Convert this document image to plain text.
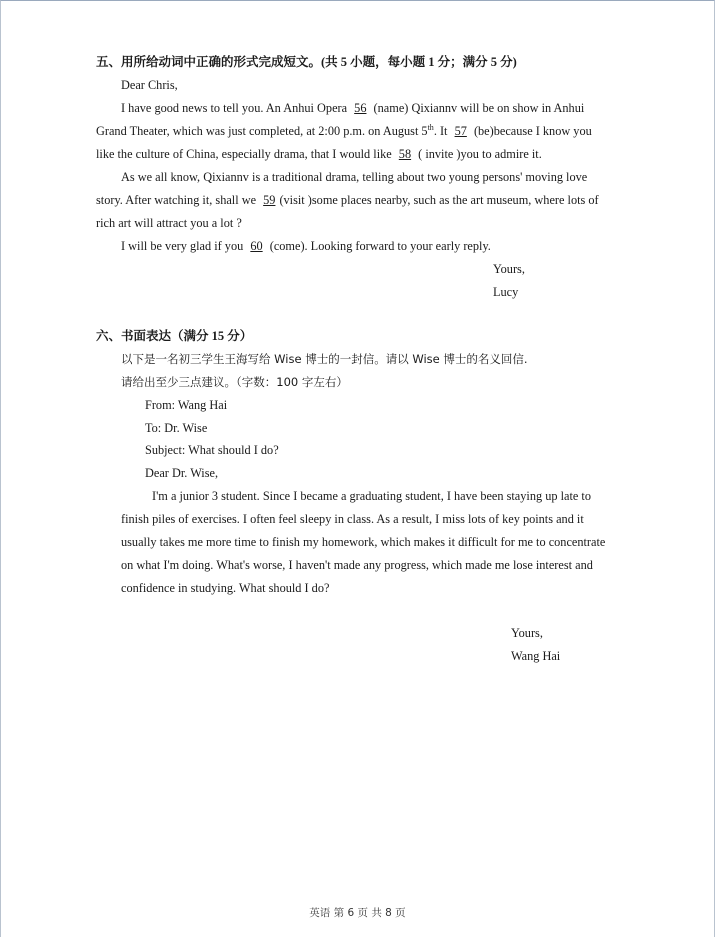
五、用所给动词中正确的形式完成短文。(共 5 小题，每小题 1 分；满分 5 分)
Dear Chris,
I have good news to tell you. An Anhui Opera 56 (name) Qixiannv will be on show in Anhui
Grand Theater, which was just completed, at 2:00 p.m. on August 5th. It 57 (be)because I know you
like the culture of China, especially drama, that I would like 58 ( invite )you to admire it.
As we all know, Qixiannv is a traditional drama, telling about two young persons' moving love
story. After watching it, shall we 59 (visit )some places nearby, such as the art museum, where lots of
rich art will attract you a lot ?
I will be very glad if you 60 (come). Looking forward to your early reply.
Yours,
Lucy
六、书面表达（满分 15 分）
以下是一名初三学生王海写给 Wise 博士的一封信。请以 Wise 博士的名义回信.
请给出至少三点建议。（字数：100 字左右）
From: Wang Hai
To: Dr. Wise
Subject: What should I do?
Dear Dr. Wise,
I'm a junior 3 student. Since I became a graduating student, I have been staying up late to
finish piles of exercises. I often feel sleepy in class. As a result, I miss lots of key points and it
usually takes me more time to finish my homework, which makes it difficult for me to concentrate
on what I'm doing. What's worse, I haven't made any progress, which made me lose interest and
confidence in studying. What should I do?
Yours,
Wang Hai
英语 第 6 页 共 8 页
